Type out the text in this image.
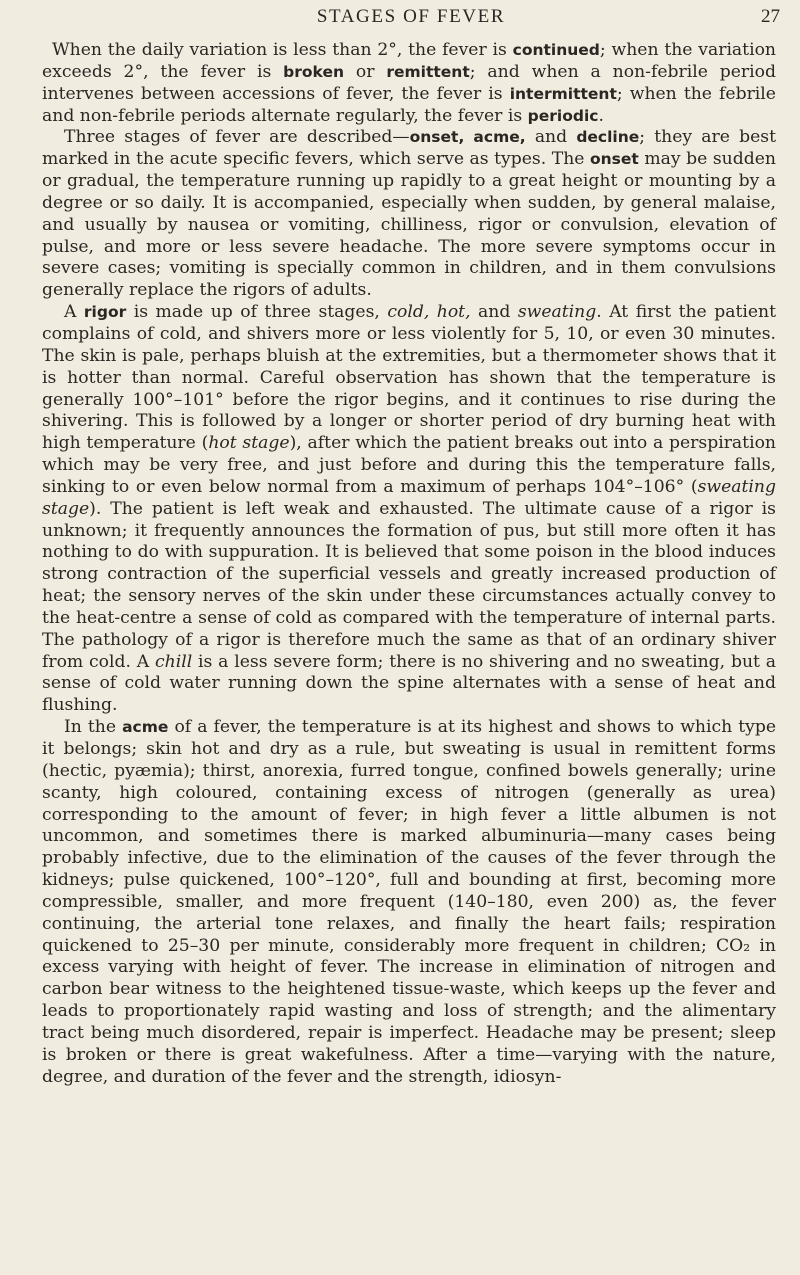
STAGES OF FEVER	27

When the daily variation is less than 2°, the fever is continued; when the variation exceeds 2°, the fever is broken or remittent; and when a non-febrile period intervenes between accessions of fever, the fever is intermittent; when the febrile and non-febrile periods alternate regularly, the fever is periodic.

Three stages of fever are described—onset, acme, and decline; they are best marked in the acute specific fevers, which serve as types. The onset may be sudden or gradual, the temperature running up rapidly to a great height or mounting by a degree or so daily. It is accompanied, especially when sudden, by general malaise, and usually by nausea or vomiting, chilliness, rigor or convulsion, elevation of pulse, and more or less severe headache. The more severe symptoms occur in severe cases; vomiting is specially common in children, and in them convulsions generally replace the rigors of adults.

A rigor is made up of three stages, cold, hot, and sweating. At first the patient complains of cold, and shivers more or less violently for 5, 10, or even 30 minutes. The skin is pale, perhaps bluish at the extremities, but a thermometer shows that it is hotter than normal. Careful observation has shown that the temperature is generally 100°–101° before the rigor begins, and it continues to rise during the shivering. This is followed by a longer or shorter period of dry burning heat with high temperature (hot stage), after which the patient breaks out into a perspiration which may be very free, and just before and during this the temperature falls, sinking to or even below normal from a maximum of perhaps 104°–106° (sweating stage). The patient is left weak and exhausted. The ultimate cause of a rigor is unknown; it frequently announces the formation of pus, but still more often it has nothing to do with suppuration. It is believed that some poison in the blood induces strong contraction of the superficial vessels and greatly increased production of heat; the sensory nerves of the skin under these circumstances actually convey to the heat-centre a sense of cold as compared with the temperature of internal parts. The pathology of a rigor is therefore much the same as that of an ordinary shiver from cold. A chill is a less severe form; there is no shivering and no sweating, but a sense of cold water running down the spine alternates with a sense of heat and flushing.

In the acme of a fever, the temperature is at its highest and shows to which type it belongs; skin hot and dry as a rule, but sweating is usual in remittent forms (hectic, pyæmia); thirst, anorexia, furred tongue, confined bowels generally; urine scanty, high coloured, containing excess of nitrogen (generally as urea) corresponding to the amount of fever; in high fever a little albumen is not uncommon, and sometimes there is marked albuminuria—many cases being probably infective, due to the elimination of the causes of the fever through the kidneys; pulse quickened, 100°–120°, full and bounding at first, becoming more compressible, smaller, and more frequent (140–180, even 200) as, the fever continuing, the arterial tone relaxes, and finally the heart fails; respiration quickened to 25–30 per minute, considerably more frequent in children; CO₂ in excess varying with height of fever. The increase in elimination of nitrogen and carbon bear witness to the heightened tissue-waste, which keeps up the fever and leads to proportionately rapid wasting and loss of strength; and the alimentary tract being much disordered, repair is imperfect. Headache may be present; sleep is broken or there is great wakefulness. After a time—varying with the nature, degree, and duration of the fever and the strength, idiosyn-
